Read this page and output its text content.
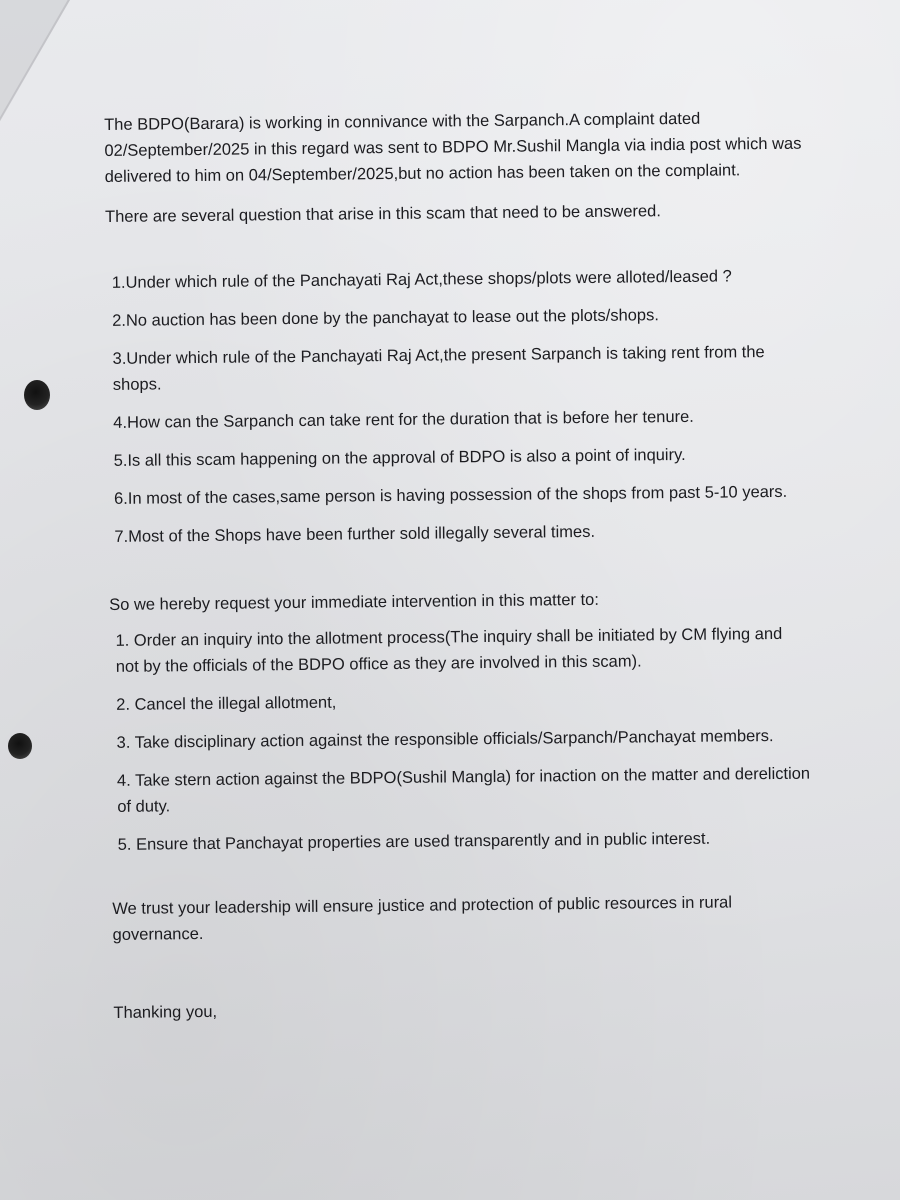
The BDPO(Barara) is working in connivance with the Sarpanch.A complaint dated 02/September/2025 in this regard was sent to BDPO Mr.Sushil Mangla via india post which was delivered to him on 04/September/2025,but no action has been taken on the complaint.

There are several question that arise in this scam that need to be answered.

1.Under which rule of the Panchayati Raj Act,these shops/plots were alloted/leased ?

2.No auction has been done by the panchayat to lease out the plots/shops.

3.Under which rule of the Panchayati Raj Act,the present Sarpanch is taking rent from the shops.

4.How can the Sarpanch can take rent for the duration that is before her tenure.

5.Is all this scam happening on the approval of BDPO is also a point of inquiry.

6.In most of the cases,same person is having possession of the shops from past 5-10 years.

7.Most of the Shops have been further sold illegally several times.

So we hereby request your immediate intervention in this matter to:

1. Order an inquiry into the allotment process(The inquiry shall be initiated by CM flying and not by the officials of the BDPO office as they are involved in this scam).

2. Cancel the illegal allotment,

3. Take disciplinary action against the responsible officials/Sarpanch/Panchayat members.

4. Take stern action against the BDPO(Sushil Mangla) for inaction on the matter and dereliction of duty.

5. Ensure that Panchayat properties are used transparently and in public interest.

We trust your leadership will ensure justice and protection of public resources in rural governance.

Thanking you,
